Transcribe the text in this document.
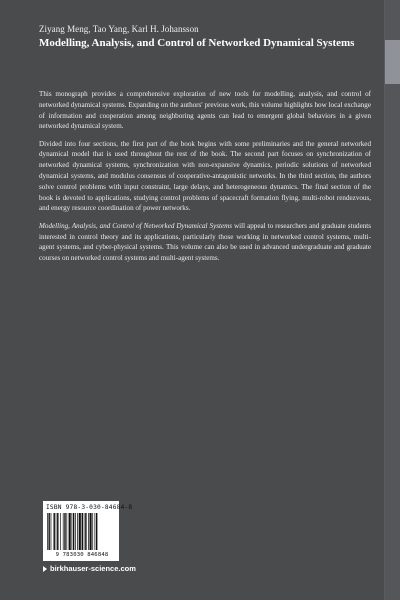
Ziyang Meng, Tao Yang, Karl H. Johansson
Modelling, Analysis, and Control of Networked Dynamical Systems

This monograph provides a comprehensive exploration of new tools for modelling, analysis, and control of networked dynamical systems. Expanding on the authors' previous work, this volume highlights how local exchange of information and cooperation among neighboring agents can lead to emergent global behaviors in a given networked dynamical system.

Divided into four sections, the first part of the book begins with some preliminaries and the general networked dynamical model that is used throughout the rest of the book. The second part focuses on synchronization of networked dynamical systems, synchronization with non-expansive dynamics, periodic solutions of networked dynamical systems, and modulus consensus of cooperative-antagonistic networks. In the third section, the authors solve control problems with input constraint, large delays, and heterogeneous dynamics. The final section of the book is devoted to applications, studying control problems of spacecraft formation flying, multi-robot rendezvous, and energy resource coordination of power networks.

Modelling, Analysis, and Control of Networked Dynamical Systems will appeal to researchers and graduate students interested in control theory and its applications, particularly those working in networked control systems, multi-agent systems, and cyber-physical systems. This volume can also be used in advanced undergraduate and graduate courses on networked control systems and multi-agent systems.

ISBN 978-3-030-84684-8
9 783030 846848
birkhauser-science.com
